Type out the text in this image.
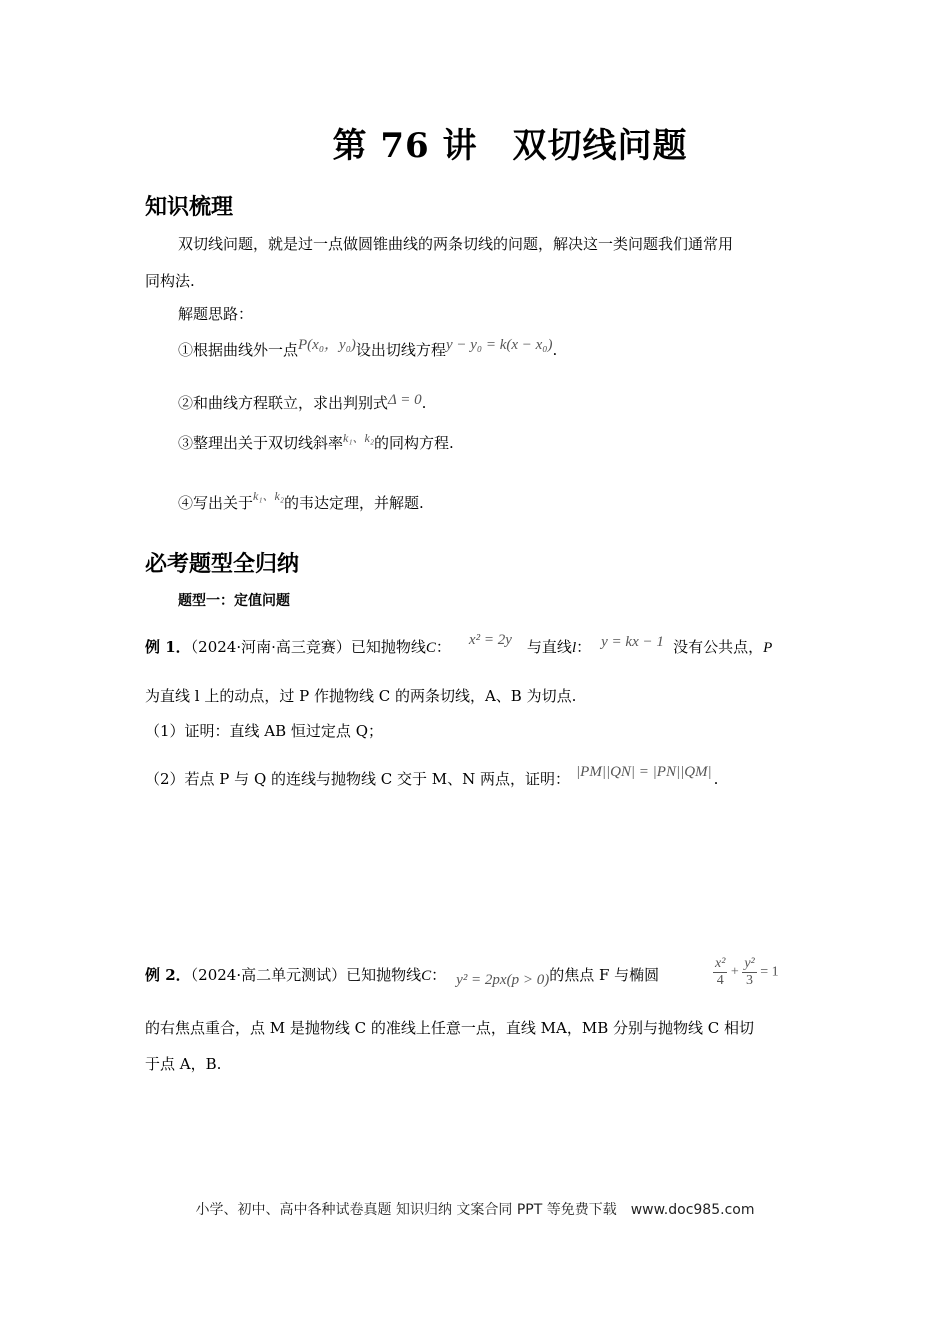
第 76 讲　双切线问题
知识梳理
双切线问题，就是过一点做圆锥曲线的两条切线的问题，解决这一类问题我们通常用
同构法.
解题思路：
①根据曲线外一点P(x₀，y₀)设出切线方程y − y₀ = k(x − x₀).
②和曲线方程联立，求出判别式Δ = 0.
③整理出关于双切线斜率$^{k_1、k_2}$的同构方程.
④写出关于$^{k_1、k_2}$的韦达定理，并解题.
必考题型全归纳
题型一：定值问题
例 1．（2024·河南·高三竞赛）已知抛物线C： x² = 2y 与直线l： y = kx − 1 没有公共点，P
为直线 l 上的动点，过 P 作抛物线 C 的两条切线，A、B 为切点.
（1）证明：直线 AB 恒过定点 Q；
（2）若点 P 与 Q 的连线与抛物线 C 交于 M、N 两点，证明： |PM||QN| = |PN||QM| .
例 2．（2024·高二单元测试）已知抛物线C： y² = 2px(p > 0)的焦点 F 与椭圆	$\frac{\text{x²}}{4} + \frac{\text{y²}}{3} = 1$
的右焦点重合，点 M 是抛物线 C 的准线上任意一点，直线 MA，MB 分别与抛物线 C 相切
于点 A，B.
小学、初中、高中各种试卷真题 知识归纳 文案合同 PPT 等免费下载　www.doc985.com
